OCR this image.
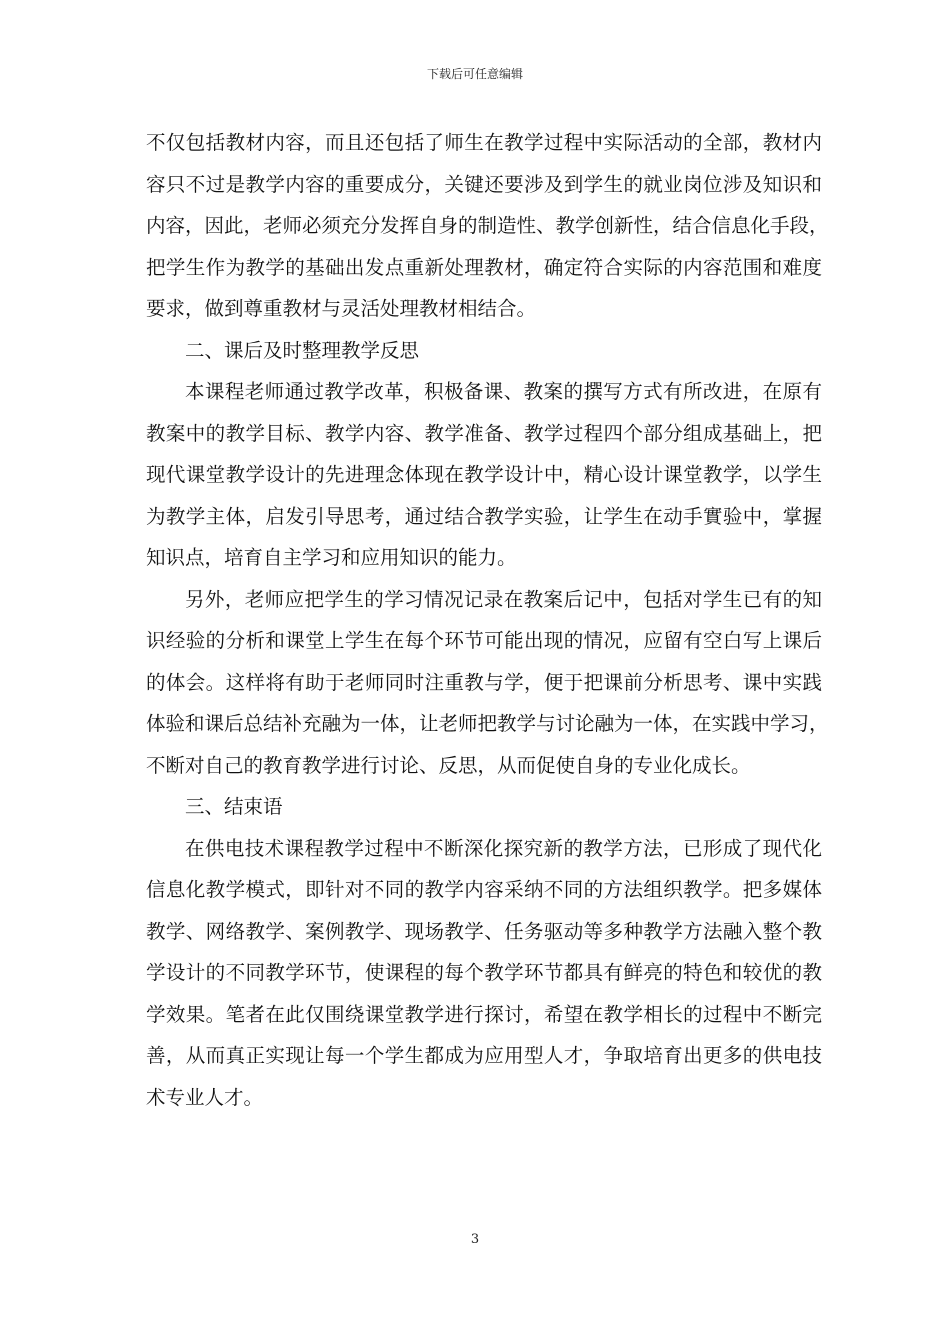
下载后可任意编辑
不仅包括教材内容，而且还包括了师生在教学过程中实际活动的全部，教材内
容只不过是教学内容的重要成分，关键还要涉及到学生的就业岗位涉及知识和
内容，因此，老师必须充分发挥自身的制造性、教学创新性，结合信息化手段，
把学生作为教学的基础出发点重新处理教材，确定符合实际的内容范围和难度
要求，做到尊重教材与灵活处理教材相结合。
二、课后及时整理教学反思
本课程老师通过教学改革，积极备课、教案的撰写方式有所改进，在原有
教案中的教学目标、教学内容、教学准备、教学过程四个部分组成基础上，把
现代课堂教学设计的先进理念体现在教学设计中，精心设计课堂教学，以学生
为教学主体，启发引导思考，通过结合教学实验，让学生在动手實验中，掌握
知识点，培育自主学习和应用知识的能力。
另外，老师应把学生的学习情况记录在教案后记中，包括对学生已有的知
识经验的分析和课堂上学生在每个环节可能出现的情况，应留有空白写上课后
的体会。这样将有助于老师同时注重教与学，便于把课前分析思考、课中实践
体验和课后总结补充融为一体，让老师把教学与讨论融为一体，在实践中学习，
不断对自己的教育教学进行讨论、反思，从而促使自身的专业化成长。
三、结束语
在供电技术课程教学过程中不断深化探究新的教学方法，已形成了现代化
信息化教学模式，即针对不同的教学内容采纳不同的方法组织教学。把多媒体
教学、网络教学、案例教学、现场教学、任务驱动等多种教学方法融入整个教
学设计的不同教学环节，使课程的每个教学环节都具有鲜亮的特色和较优的教
学效果。笔者在此仅围绕课堂教学进行探讨，希望在教学相长的过程中不断完
善，从而真正实现让每一个学生都成为应用型人才，争取培育出更多的供电技
术专业人才。
3
